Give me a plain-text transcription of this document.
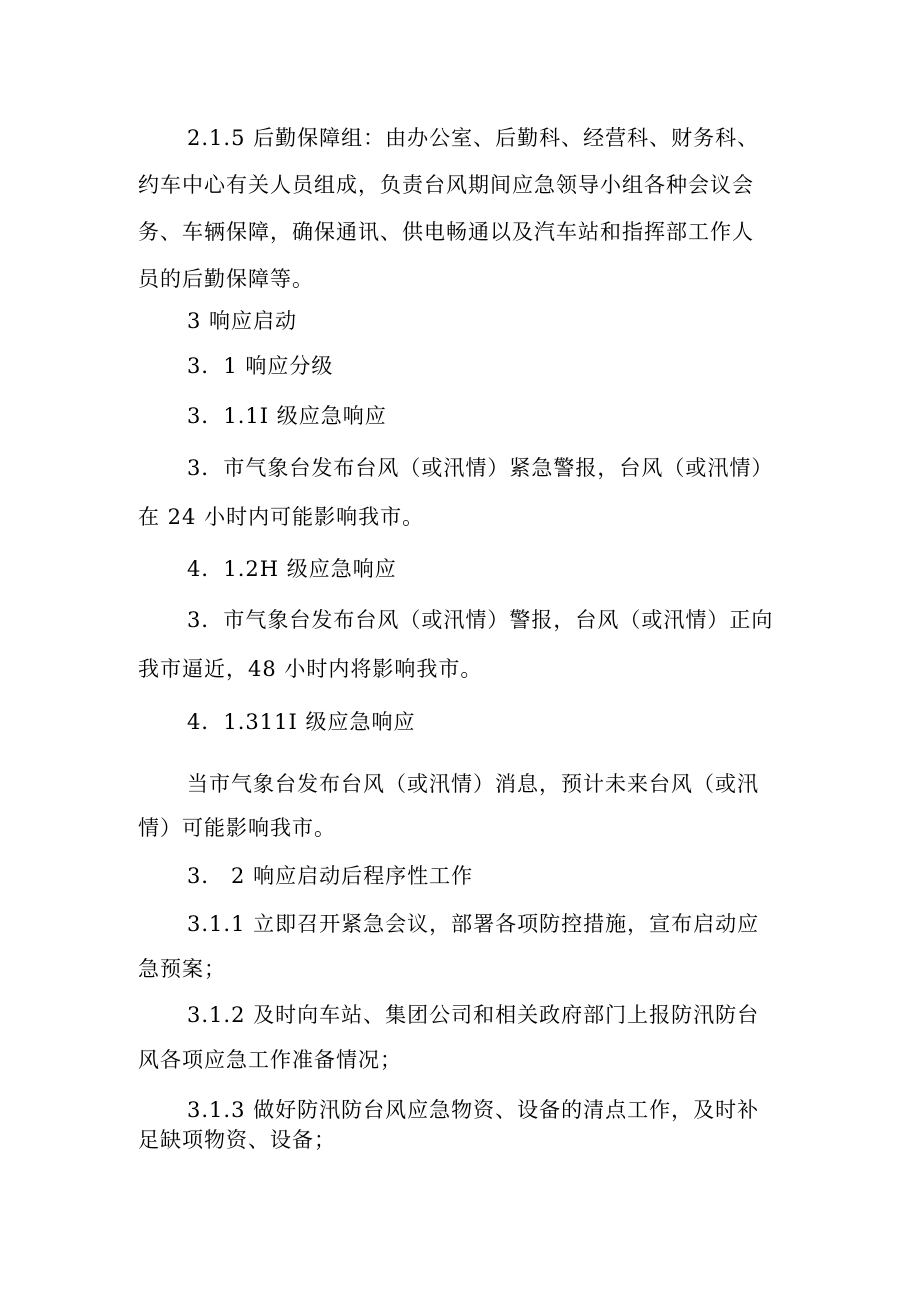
2.1.5 后勤保障组：由办公室、后勤科、经营科、财务科、
约车中心有关人员组成，负责台风期间应急领导小组各种会议会
务、车辆保障，确保通讯、供电畅通以及汽车站和指挥部工作人
员的后勤保障等。
3 响应启动
3．1 响应分级
3．1.1I 级应急响应
3．市气象台发布台风（或汛情）紧急警报，台风（或汛情）
在 24 小时内可能影响我市。
4．1.2H 级应急响应
3．市气象台发布台风（或汛情）警报，台风（或汛情）正向
我市逼近，48 小时内将影响我市。
4．1.311I 级应急响应
当市气象台发布台风（或汛情）消息，预计未来台风（或汛
情）可能影响我市。
3． 2 响应启动后程序性工作
3.1.1 立即召开紧急会议，部署各项防控措施，宣布启动应
急预案；
3.1.2 及时向车站、集团公司和相关政府部门上报防汛防台
风各项应急工作准备情况；
3.1.3 做好防汛防台风应急物资、设备的清点工作，及时补
足缺项物资、设备；
